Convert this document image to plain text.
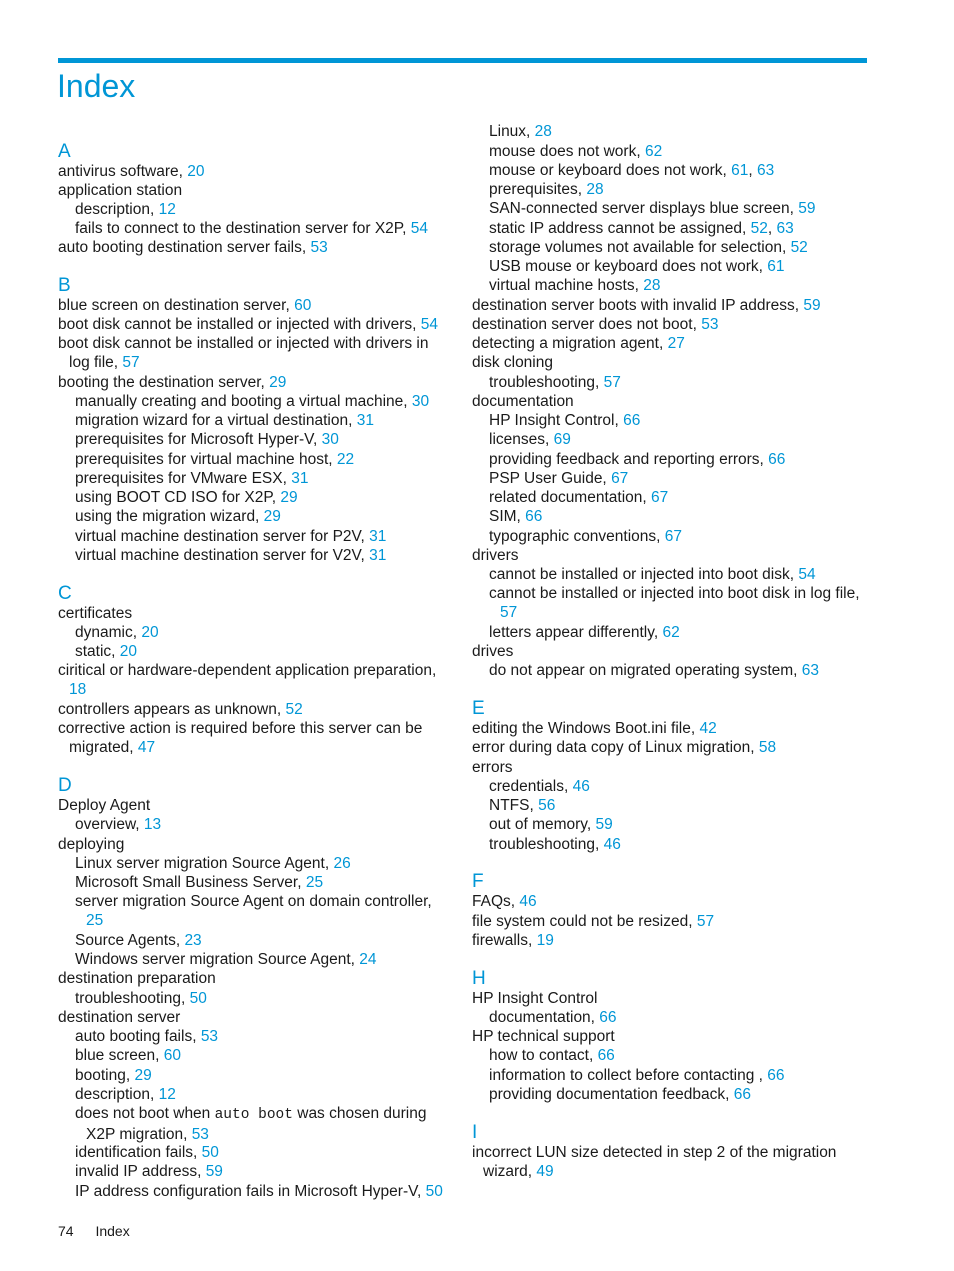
Index
A
antivirus software, 20
application station
description, 12
fails to connect to the destination server for X2P, 54
auto booting destination server fails, 53
B
blue screen on destination server, 60
boot disk cannot be installed or injected with drivers, 54
boot disk cannot be installed or injected with drivers in
log file, 57
booting the destination server, 29
manually creating and booting a virtual machine, 30
migration wizard for a virtual destination, 31
prerequisites for Microsoft Hyper-V, 30
prerequisites for virtual machine host, 22
prerequisites for VMware ESX, 31
using BOOT CD ISO for X2P, 29
using the migration wizard, 29
virtual machine destination server for P2V, 31
virtual machine destination server for V2V, 31
C
certificates
dynamic, 20
static, 20
ciritical or hardware-dependent application preparation,
18
controllers appears as unknown, 52
corrective action is required before this server can be
migrated, 47
D
Deploy Agent
overview, 13
deploying
Linux server migration Source Agent, 26
Microsoft Small Business Server, 25
server migration Source Agent on domain controller,
25
Source Agents, 23
Windows server migration Source Agent, 24
destination preparation
troubleshooting, 50
destination server
auto booting fails, 53
blue screen, 60
booting, 29
description, 12
does not boot when auto boot was chosen during
X2P migration, 53
identification fails, 50
invalid IP address, 59
IP address configuration fails in Microsoft Hyper-V, 50
Linux, 28
mouse does not work, 62
mouse or keyboard does not work, 61, 63
prerequisites, 28
SAN-connected server displays blue screen, 59
static IP address cannot be assigned, 52, 63
storage volumes not available for selection, 52
USB mouse or keyboard does not work, 61
virtual machine hosts, 28
destination server boots with invalid IP address, 59
destination server does not boot, 53
detecting a migration agent, 27
disk cloning
troubleshooting, 57
documentation
HP Insight Control, 66
licenses, 69
providing feedback and reporting errors, 66
PSP User Guide, 67
related documentation, 67
SIM, 66
typographic conventions, 67
drivers
cannot be installed or injected into boot disk, 54
cannot be installed or injected into boot disk in log file,
57
letters appear differently, 62
drives
do not appear on migrated operating system, 63
E
editing the Windows Boot.ini file, 42
error during data copy of Linux migration, 58
errors
credentials, 46
NTFS, 56
out of memory, 59
troubleshooting, 46
F
FAQs, 46
file system could not be resized, 57
firewalls, 19
H
HP Insight Control
documentation, 66
HP technical support
how to contact, 66
information to collect before contacting , 66
providing documentation feedback, 66
I
incorrect LUN size detected in step 2 of the migration
wizard, 49
74 Index
